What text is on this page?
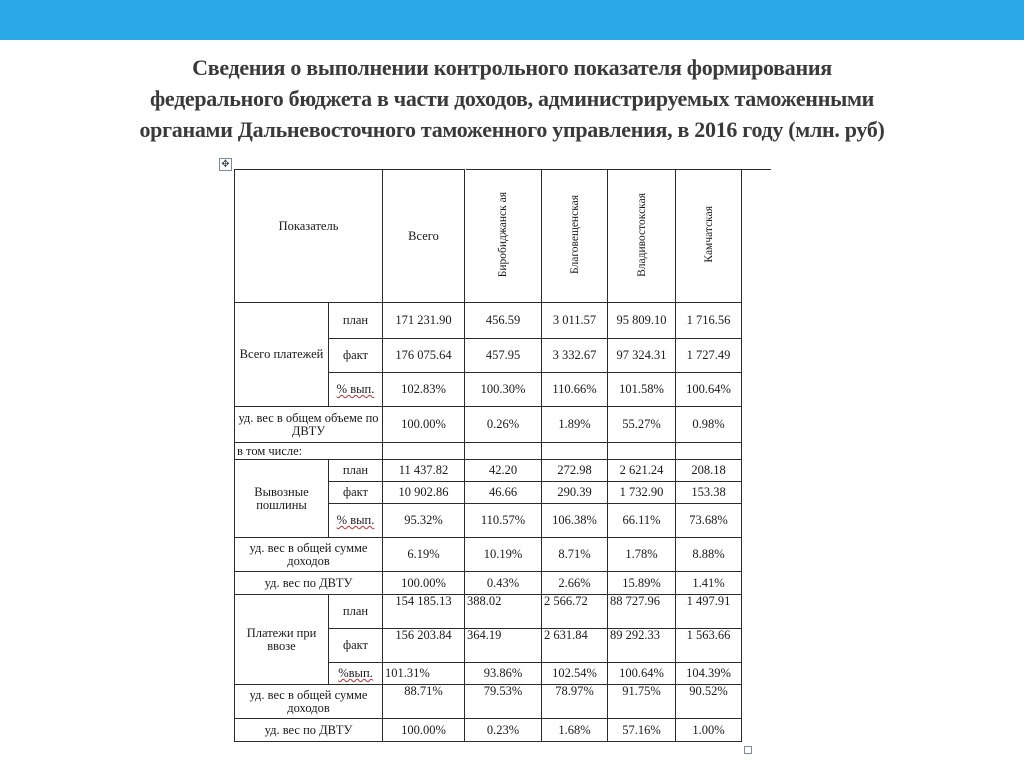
Сведения о выполнении контрольного показателя формирования
федерального бюджета в части доходов, администрируемых таможенными
органами Дальневосточного таможенного управления, в 2016 году (млн. руб)
✥
Показатель		Всего	Биробиджанск ая	Благовещенская	Владивостокская	Камчатская
Всего платежей	план	171 231.90	456.59	3 011.57	95 809.10	1 716.56
	факт	176 075.64	457.95	3 332.67	97 324.31	1 727.49
	% вып.	102.83%	100.30%	110.66%	101.58%	100.64%
уд. вес в общем объеме по ДВТУ		100.00%	0.26%	1.89%	55.27%	0.98%
в том числе:						
Вывозные пошлины	план	11 437.82	42.20	272.98	2 621.24	208.18
	факт	10 902.86	46.66	290.39	1 732.90	153.38
	% вып.	95.32%	110.57%	106.38%	66.11%	73.68%
уд. вес в общей сумме доходов		6.19%	10.19%	8.71%	1.78%	8.88%
уд. вес по ДВТУ		100.00%	0.43%	2.66%	15.89%	1.41%
Платежи при ввозе	план	154 185.13	388.02	2 566.72	88 727.96	1 497.91
	факт	156 203.84	364.19	2 631.84	89 292.33	1 563.66
	%вып.	101.31%	93.86%	102.54%	100.64%	104.39%
уд. вес в общей сумме доходов		88.71%	79.53%	78.97%	91.75%	90.52%
уд. вес по ДВТУ		100.00%	0.23%	1.68%	57.16%	1.00%
